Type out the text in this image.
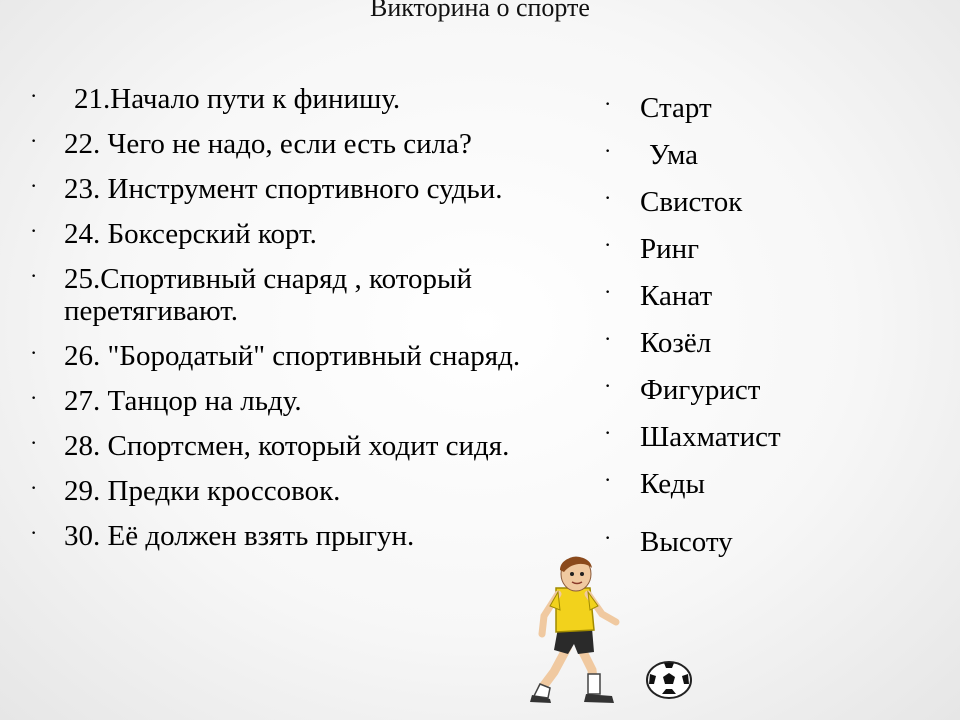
Викторина о спорте
· 21.Начало пути к финишу.
· 22. Чего не надо, если есть сила?
· 23. Инструмент спортивного судьи.
· 24. Боксерский корт.
· 25.Спортивный снаряд , который перетягивают.
· 26. "Бородатый" спортивный снаряд.
· 27. Танцор на льду.
· 28. Спортсмен, который ходит сидя.
· 29. Предки кроссовок.
· 30. Её должен взять прыгун.
· Старт
· Ума
· Свисток
· Ринг
· Канат
· Козёл
· Фигурист
· Шахматист
· Кеды
· Высоту
